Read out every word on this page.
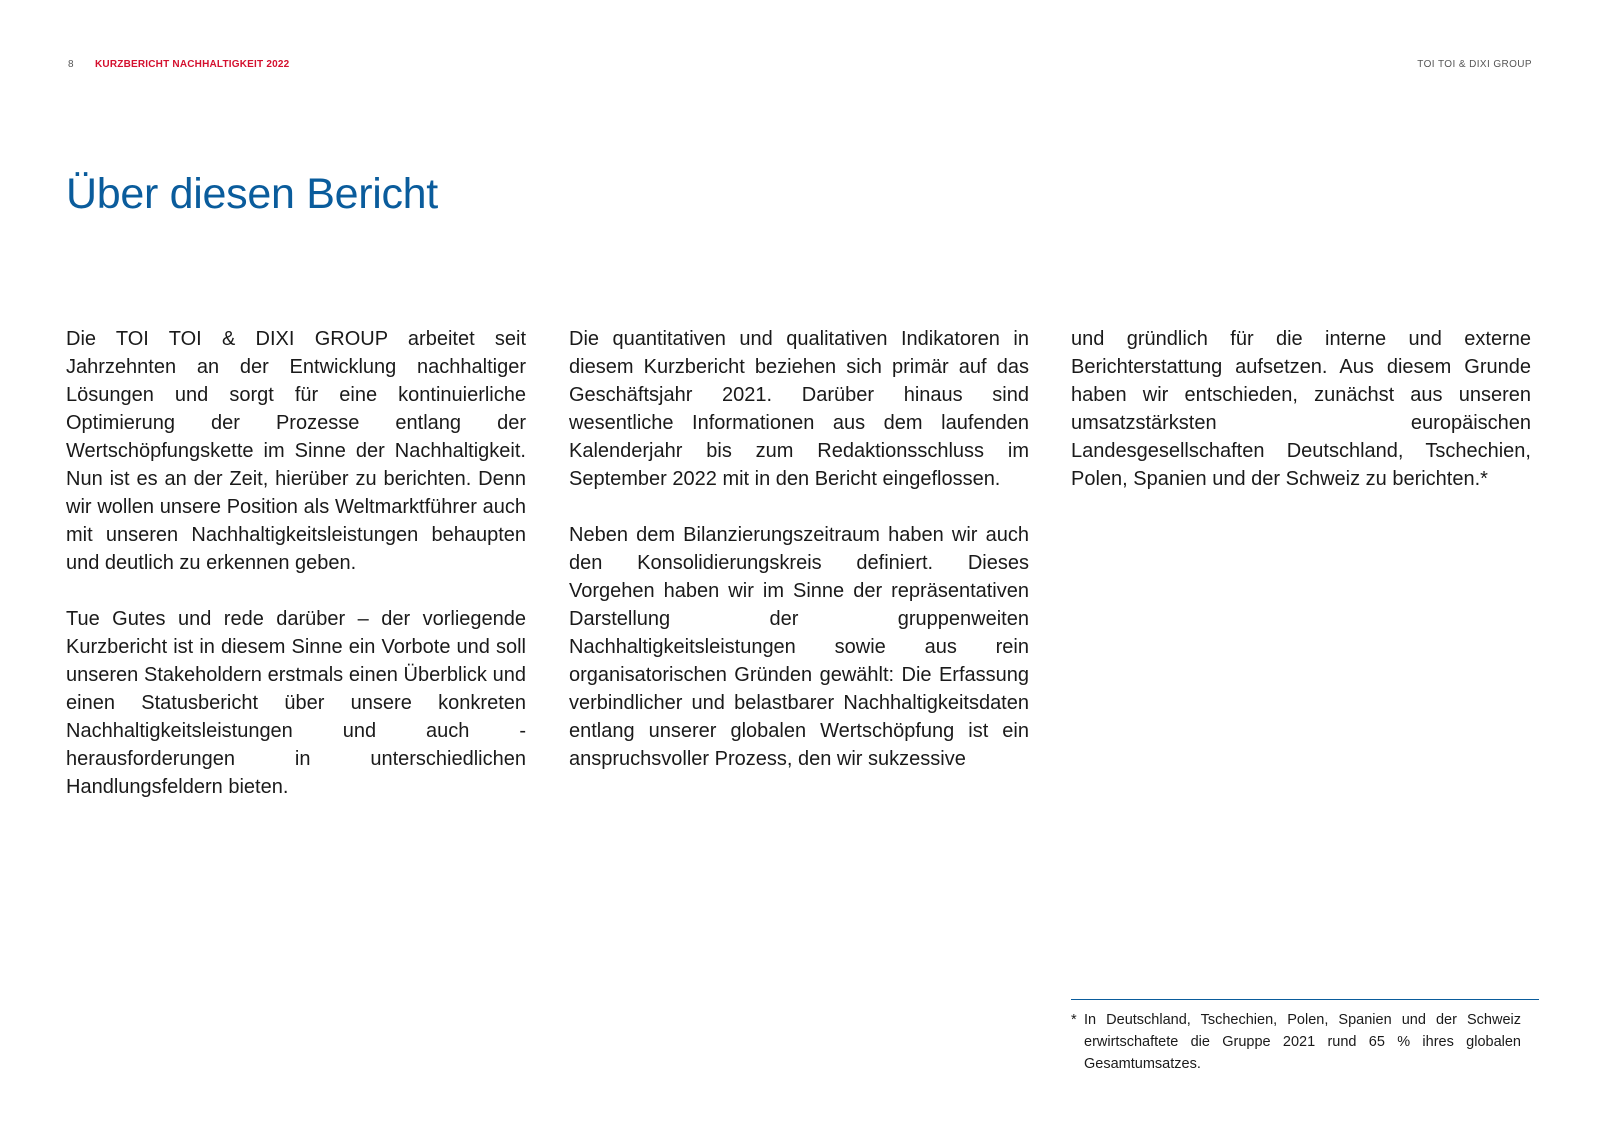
8 KURZBERICHT NACHHALTIGKEIT 2022	TOI TOI & DIXI GROUP
Über diesen Bericht

Die TOI TOI & DIXI GROUP arbeitet seit Jahrzehnten an der Entwicklung nachhaltiger Lösungen und sorgt für eine kontinuierliche Optimierung der Prozesse entlang der Wertschöpfungskette im Sinne der Nachhaltigkeit. Nun ist es an der Zeit, hierüber zu berichten. Denn wir wollen unsere Position als Weltmarktführer auch mit unseren Nachhaltigkeitsleistungen behaupten und deutlich zu erkennen geben.

Tue Gutes und rede darüber – der vorliegende Kurzbericht ist in diesem Sinne ein Vorbote und soll unseren Stakeholdern erstmals einen Überblick und einen Statusbericht über unsere konkreten Nachhaltigkeitsleistungen und auch -herausforderungen in unterschiedlichen Handlungsfeldern bieten.

Die quantitativen und qualitativen Indikatoren in diesem Kurzbericht beziehen sich primär auf das Geschäftsjahr 2021. Darüber hinaus sind wesentliche Informationen aus dem laufenden Kalenderjahr bis zum Redaktionsschluss im September 2022 mit in den Bericht eingeflossen.

Neben dem Bilanzierungszeitraum haben wir auch den Konsolidierungskreis definiert. Dieses Vorgehen haben wir im Sinne der repräsentativen Darstellung der gruppenweiten Nachhaltigkeitsleistungen sowie aus rein organisatorischen Gründen gewählt: Die Erfassung verbindlicher und belastbarer Nachhaltigkeitsdaten entlang unserer globalen Wertschöpfung ist ein anspruchsvoller Prozess, den wir sukzessive

und gründlich für die interne und externe Berichterstattung aufsetzen. Aus diesem Grunde haben wir entschieden, zunächst aus unseren umsatzstärksten europäischen Landesgesellschaften Deutschland, Tschechien, Polen, Spanien und der Schweiz zu berichten.*

* In Deutschland, Tschechien, Polen, Spanien und der Schweiz erwirtschaftete die Gruppe 2021 rund 65 % ihres globalen Gesamtumsatzes.
